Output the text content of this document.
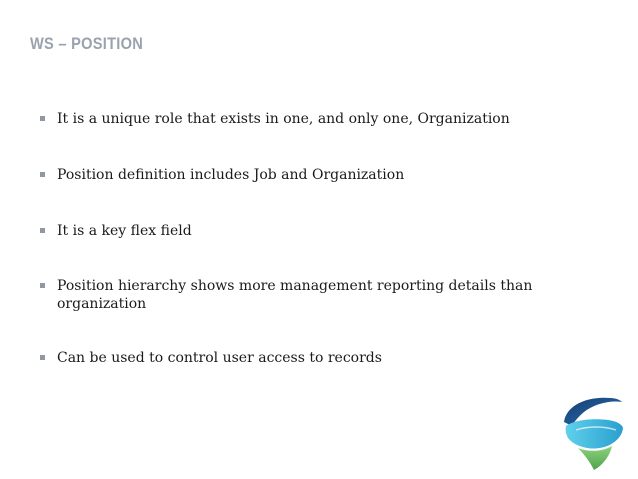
WS – POSITION
It is a unique role that exists in one, and only one, Organization
Position definition includes Job and Organization
It is a key flex field
Position hierarchy shows more management reporting details than organization
Can be used to control user access to records
